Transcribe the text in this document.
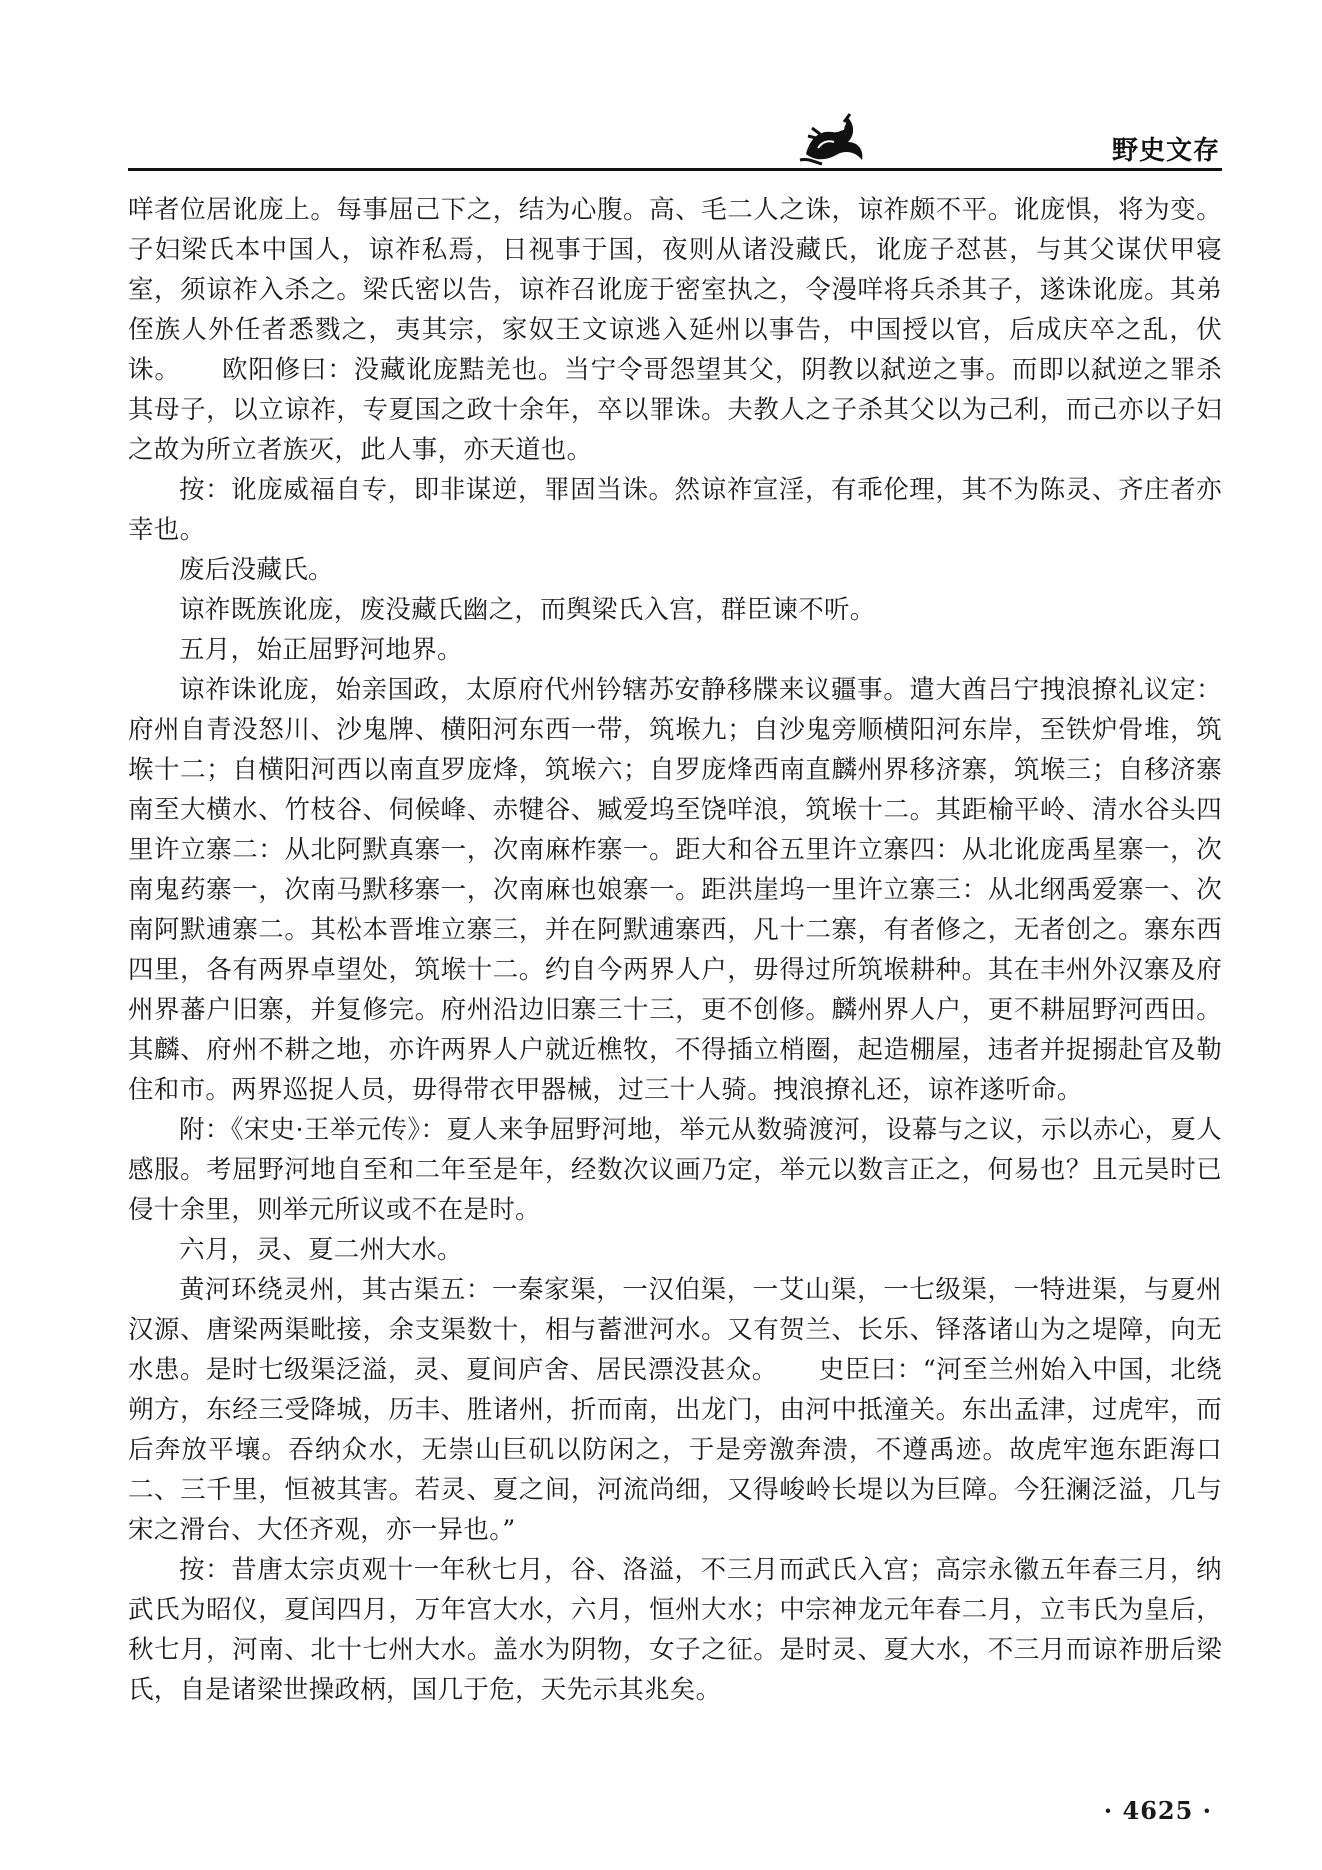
野史文存

咩者位居讹庞上。每事屈己下之，结为心腹。高、毛二人之诛，谅祚颇不平。讹庞惧，将为变。子妇梁氏本中国人，谅祚私焉，日视事于国，夜则从诸没藏氏，讹庞子怼甚，与其父谋伏甲寝室，须谅祚入杀之。梁氏密以告，谅祚召讹庞于密室执之，令漫咩将兵杀其子，遂诛讹庞。其弟侄族人外任者悉戮之，夷其宗，家奴王文谅逃入延州以事告，中国授以官，后成庆卒之乱，伏诛。 欧阳修曰：没藏讹庞黠羌也。当宁令哥怨望其父，阴教以弑逆之事。而即以弑逆之罪杀其母子，以立谅祚，专夏国之政十余年，卒以罪诛。夫教人之子杀其父以为己利，而己亦以子妇之故为所立者族灭，此人事，亦天道也。

按：讹庞威福自专，即非谋逆，罪固当诛。然谅祚宣淫，有乖伦理，其不为陈灵、齐庄者亦幸也。

废后没藏氏。

谅祚既族讹庞，废没藏氏幽之，而舆梁氏入宫，群臣谏不听。

五月，始正屈野河地界。

谅祚诛讹庞，始亲国政，太原府代州钤辖苏安静移牒来议疆事。遣大酋吕宁拽浪撩礼议定：府州自青没怒川、沙鬼牌、横阳河东西一带，筑堠九；自沙鬼旁顺横阳河东岸，至铁炉骨堆，筑堠十二；自横阳河西以南直罗庞烽，筑堠六；自罗庞烽西南直麟州界移济寨，筑堠三；自移济寨南至大横水、竹枝谷、伺候峰、赤犍谷、臧爱坞至饶咩浪，筑堠十二。其距榆平岭、清水谷头四里许立寨二：从北阿默真寨一，次南麻柞寨一。距大和谷五里许立寨四：从北讹庞禹星寨一，次南鬼药寨一，次南马默移寨一，次南麻也娘寨一。距洪崖坞一里许立寨三：从北纲禹爱寨一、次南阿默逋寨二。其松本晋堆立寨三，并在阿默逋寨西，凡十二寨，有者修之，无者创之。寨东西四里，各有两界卓望处，筑堠十二。约自今两界人户，毋得过所筑堠耕种。其在丰州外汉寨及府州界蕃户旧寨，并复修完。府州沿边旧寨三十三，更不创修。麟州界人户，更不耕屈野河西田。其麟、府州不耕之地，亦许两界人户就近樵牧，不得插立梢圈，起造棚屋，违者并捉搦赴官及勒住和市。两界巡捉人员，毋得带衣甲器械，过三十人骑。拽浪撩礼还，谅祚遂听命。

附：《宋史·王举元传》：夏人来争屈野河地，举元从数骑渡河，设幕与之议，示以赤心，夏人感服。考屈野河地自至和二年至是年，经数次议画乃定，举元以数言正之，何易也？且元昊时已侵十余里，则举元所议或不在是时。

六月，灵、夏二州大水。

黄河环绕灵州，其古渠五：一秦家渠，一汉伯渠，一艾山渠，一七级渠，一特进渠，与夏州汉源、唐梁两渠毗接，余支渠数十，相与蓄泄河水。又有贺兰、长乐、铎落诸山为之堤障，向无水患。是时七级渠泛溢，灵、夏间庐舍、居民漂没甚众。 史臣曰：“河至兰州始入中国，北绕朔方，东经三受降城，历丰、胜诸州，折而南，出龙门，由河中抵潼关。东出孟津，过虎牢，而后奔放平壤。吞纳众水，无崇山巨矶以防闲之，于是旁激奔溃，不遵禹迹。故虎牢迤东距海口二、三千里，恒被其害。若灵、夏之间，河流尚细，又得峻岭长堤以为巨障。今狂澜泛溢，几与宋之滑台、大伾齐观，亦一异也。”

按：昔唐太宗贞观十一年秋七月，谷、洛溢，不三月而武氏入宫；高宗永徽五年春三月，纳武氏为昭仪，夏闰四月，万年宫大水，六月，恒州大水；中宗神龙元年春二月，立韦氏为皇后，秋七月，河南、北十七州大水。盖水为阴物，女子之征。是时灵、夏大水，不三月而谅祚册后梁氏，自是诸梁世操政柄，国几于危，天先示其兆矣。

· 4625 ·
